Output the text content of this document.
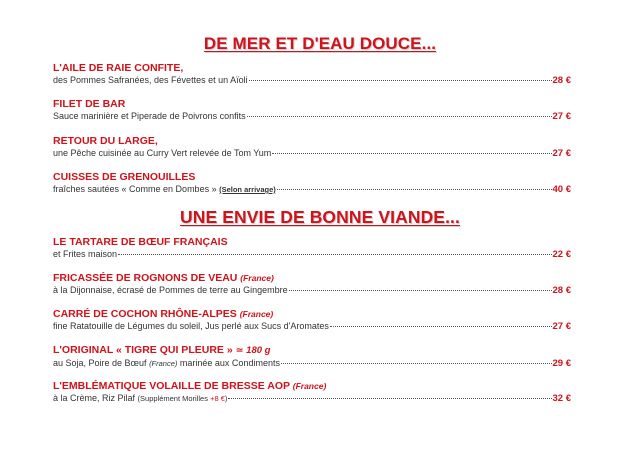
DE MER ET D'EAU DOUCE...
L'AILE DE RAIE CONFITE,
des Pommes Safranées, des Févettes et un Aïoli	28 €
FILET DE BAR
Sauce marinière et Piperade de Poivrons confits	27 €
RETOUR DU LARGE,
une Pêche cuisinée au Curry Vert relevée de Tom Yum	27 €
CUISSES DE GRENOUILLES
fraîches sautées « Comme en Dombes » (Selon arrivage)	40 €
UNE ENVIE DE BONNE VIANDE...
LE TARTARE DE BŒUF FRANÇAIS
et Frites maison	22 €
FRICASSÉE DE ROGNONS DE VEAU (France)
à la Dijonnaise, écrasé de Pommes de terre au Gingembre	28 €
CARRÉ DE COCHON RHÔNE-ALPES (France)
fine Ratatouille de Légumes du soleil, Jus perlé aux Sucs d'Aromates	27 €
L'ORIGINAL « TIGRE QUI PLEURE » ≃ 180 g
au Soja, Poire de Bœuf (France) marinée aux Condiments	29 €
L'EMBLÉMATIQUE VOLAILLE DE BRESSE AOP (France)
à la Crème, Riz Pilaf (Supplément Morilles +8 €)	32 €
